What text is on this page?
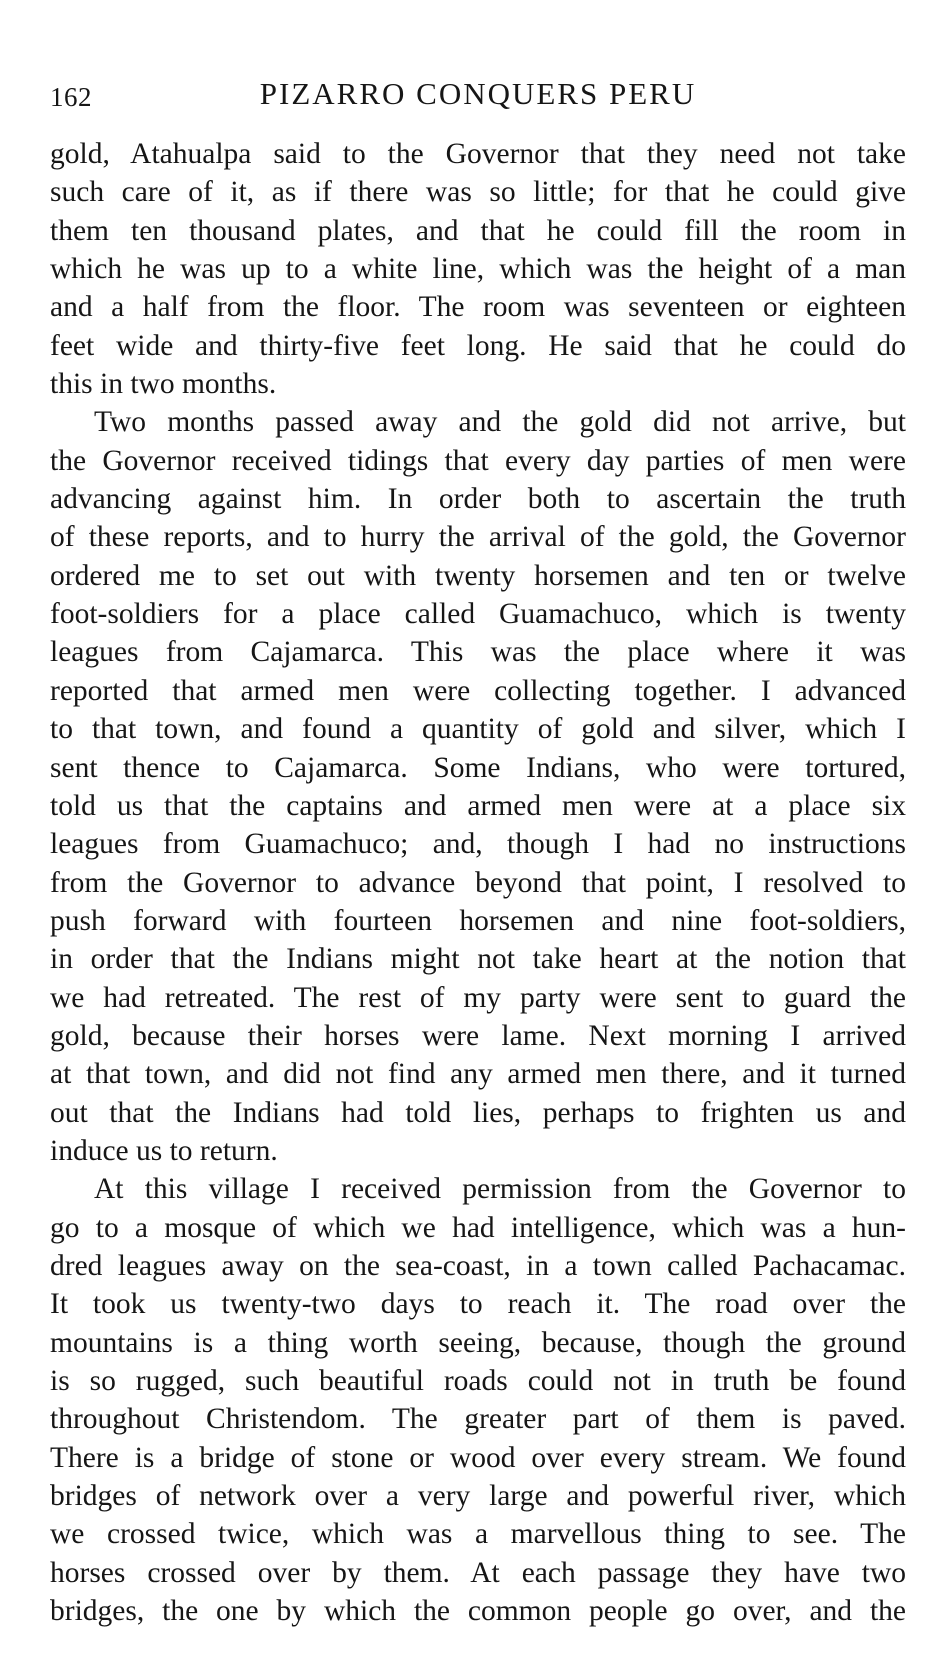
162	PIZARRO CONQUERS PERU
gold, Atahualpa said to the Governor that they need not take
such care of it, as if there was so little; for that he could give
them ten thousand plates, and that he could fill the room in
which he was up to a white line, which was the height of a man
and a half from the floor. The room was seventeen or eighteen
feet wide and thirty-five feet long. He said that he could do
this in two months.
Two months passed away and the gold did not arrive, but
the Governor received tidings that every day parties of men were
advancing against him. In order both to ascertain the truth
of these reports, and to hurry the arrival of the gold, the Governor
ordered me to set out with twenty horsemen and ten or twelve
foot-soldiers for a place called Guamachuco, which is twenty
leagues from Cajamarca. This was the place where it was
reported that armed men were collecting together. I advanced
to that town, and found a quantity of gold and silver, which I
sent thence to Cajamarca. Some Indians, who were tortured,
told us that the captains and armed men were at a place six
leagues from Guamachuco; and, though I had no instructions
from the Governor to advance beyond that point, I resolved to
push forward with fourteen horsemen and nine foot-soldiers,
in order that the Indians might not take heart at the notion that
we had retreated. The rest of my party were sent to guard the
gold, because their horses were lame. Next morning I arrived
at that town, and did not find any armed men there, and it turned
out that the Indians had told lies, perhaps to frighten us and
induce us to return.
At this village I received permission from the Governor to
go to a mosque of which we had intelligence, which was a hun-
dred leagues away on the sea-coast, in a town called Pachacamac.
It took us twenty-two days to reach it. The road over the
mountains is a thing worth seeing, because, though the ground
is so rugged, such beautiful roads could not in truth be found
throughout Christendom. The greater part of them is paved.
There is a bridge of stone or wood over every stream. We found
bridges of network over a very large and powerful river, which
we crossed twice, which was a marvellous thing to see. The
horses crossed over by them. At each passage they have two
bridges, the one by which the common people go over, and the
